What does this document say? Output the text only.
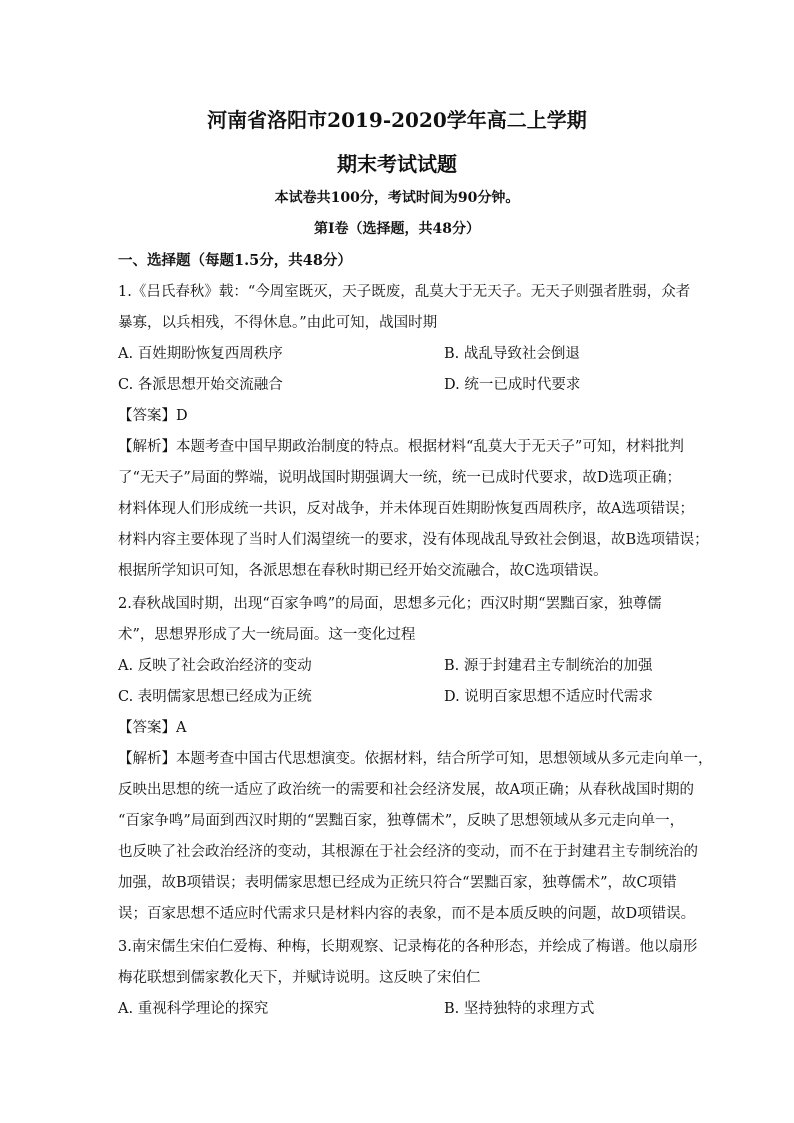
河南省洛阳市2019-2020学年高二上学期
期末考试试题
本试卷共100分，考试时间为90分钟。
第Ⅰ卷（选择题，共48分）
一、选择题（每题1.5分，共48分）
1.《吕氏春秋》载：“今周室既灭，天子既废，乱莫大于无天子。无天子则强者胜弱，众者
暴寡，以兵相残，不得休息。”由此可知，战国时期
A. 百姓期盼恢复西周秩序	B. 战乱导致社会倒退
C. 各派思想开始交流融合	D. 统一已成时代要求
【答案】D
【解析】本题考查中国早期政治制度的特点。根据材料“乱莫大于无天子”可知，材料批判
了“无天子”局面的弊端，说明战国时期强调大一统，统一已成时代要求，故D选项正确；
材料体现人们形成统一共识，反对战争，并未体现百姓期盼恢复西周秩序，故A选项错误；
材料内容主要体现了当时人们渴望统一的要求，没有体现战乱导致社会倒退，故B选项错误；
根据所学知识可知，各派思想在春秋时期已经开始交流融合，故C选项错误。
2.春秋战国时期，出现“百家争鸣”的局面，思想多元化；西汉时期“罢黜百家，独尊儒
术”，思想界形成了大一统局面。这一变化过程
A. 反映了社会政治经济的变动	B. 源于封建君主专制统治的加强
C. 表明儒家思想已经成为正统	D. 说明百家思想不适应时代需求
【答案】A
【解析】本题考查中国古代思想演变。依据材料，结合所学可知，思想领域从多元走向单一，
反映出思想的统一适应了政治统一的需要和社会经济发展，故A项正确；从春秋战国时期的
“百家争鸣”局面到西汉时期的“罢黜百家，独尊儒术”，反映了思想领域从多元走向单一，
也反映了社会政治经济的变动，其根源在于社会经济的变动，而不在于封建君主专制统治的
加强，故B项错误；表明儒家思想已经成为正统只符合“罢黜百家，独尊儒术”，故C项错
误；百家思想不适应时代需求只是材料内容的表象，而不是本质反映的问题，故D项错误。
3.南宋儒生宋伯仁爱梅、种梅，长期观察、记录梅花的各种形态，并绘成了梅谱。他以扇形
梅花联想到儒家教化天下，并赋诗说明。这反映了宋伯仁
A. 重视科学理论的探究	B. 坚持独特的求理方式
